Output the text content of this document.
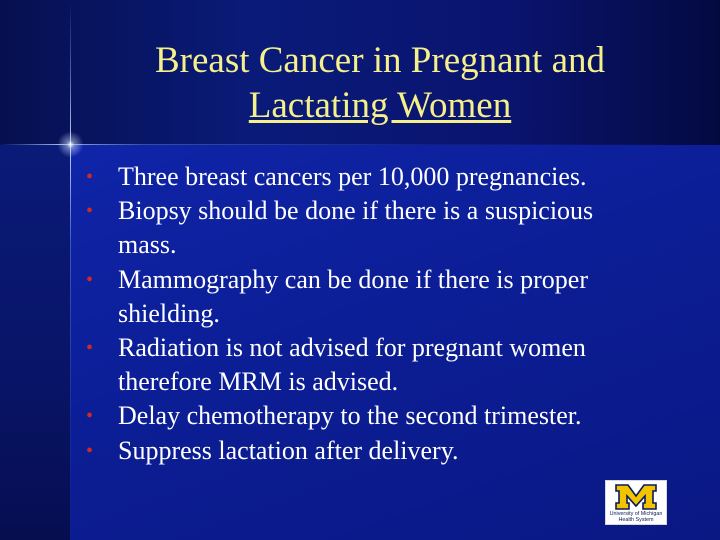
Breast Cancer in Pregnant and
Lactating Women
• Three breast cancers per 10,000 pregnancies.
• Biopsy should be done if there is a suspicious mass.
• Mammography can be done if there is proper shielding.
• Radiation is not advised for pregnant women therefore MRM is advised.
• Delay chemotherapy to the second trimester.
• Suppress lactation after delivery.
University of Michigan
Health System
